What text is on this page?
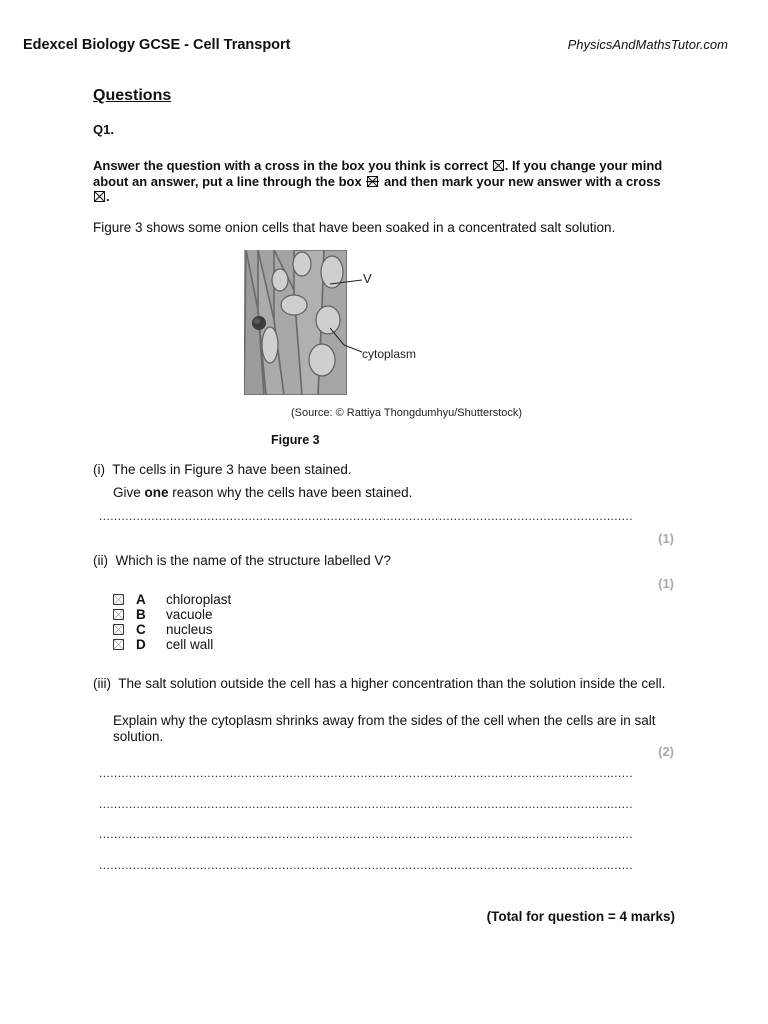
Edexcel Biology GCSE - Cell Transport	PhysicsAndMathsTutor.com
Questions
Q1.
Answer the question with a cross in the box you think is correct ☒. If you change your mind about an answer, put a line through the box and then mark your new answer with a cross .
Figure 3 shows some onion cells that have been soaked in a concentrated salt solution.
V
cytoplasm
(Source: © Rattiya Thongdumhyu/Shutterstock)
Figure 3
(i) The cells in Figure 3 have been stained.
Give one reason why the cells have been stained.
...............................................................................................................................................
(1)
(ii) Which is the name of the structure labelled V?
(1)
A	chloroplast
B	vacuole
C	nucleus
D	cell wall
(iii) The salt solution outside the cell has a higher concentration than the solution inside the cell.
Explain why the cytoplasm shrinks away from the sides of the cell when the cells are in salt solution.
(2)
...............................................................................................................................................
...............................................................................................................................................
...............................................................................................................................................
...............................................................................................................................................
(Total for question = 4 marks)
